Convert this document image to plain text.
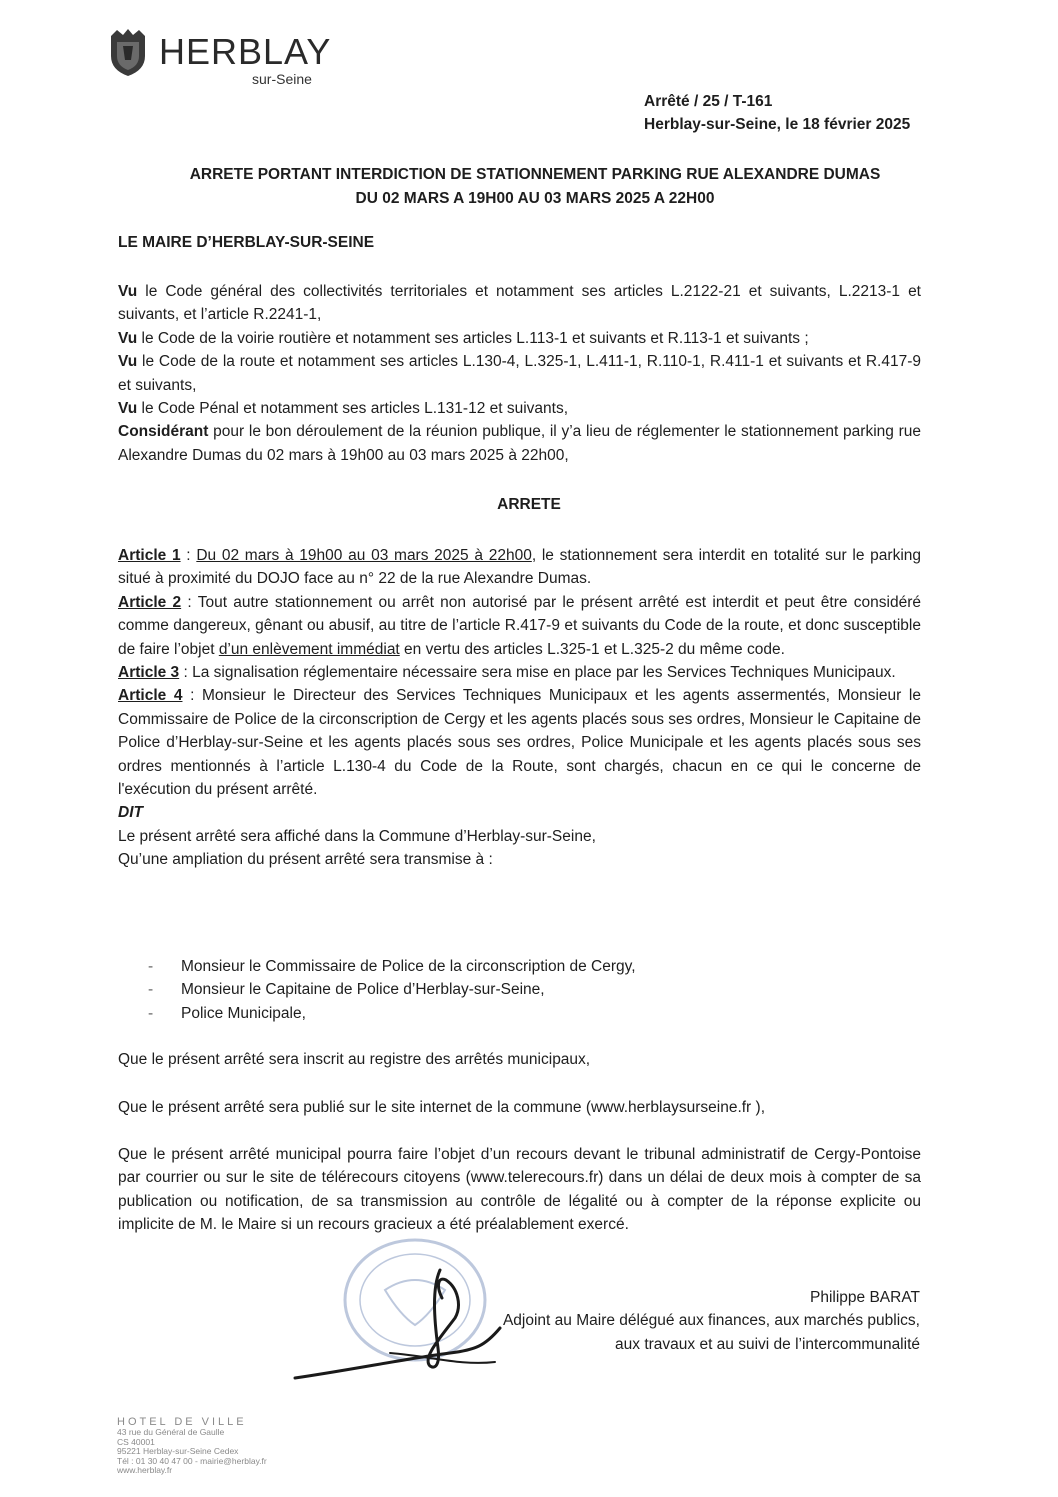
HERBLAY
sur-Seine
Arrêté / 25 / T-161
Herblay-sur-Seine, le 18 février 2025
ARRETE PORTANT INTERDICTION DE STATIONNEMENT PARKING RUE ALEXANDRE DUMAS
DU 02 MARS A 19H00 AU 03 MARS 2025 A 22H00
LE MAIRE D’HERBLAY-SUR-SEINE

Vu le Code général des collectivités territoriales et notamment ses articles L.2122-21 et suivants, L.2213-1 et suivants, et l’article R.2241-1,

Vu le Code de la voirie routière et notamment ses articles L.113-1 et suivants et R.113-1 et suivants ;

Vu le Code de la route et notamment ses articles L.130-4, L.325-1, L.411-1, R.110-1, R.411-1 et suivants et R.417-9 et suivants,

Vu le Code Pénal et notamment ses articles L.131-12 et suivants,

Considérant pour le bon déroulement de la réunion publique, il y’a lieu de réglementer le stationnement parking rue Alexandre Dumas du 02 mars à 19h00 au 03 mars 2025 à 22h00,

ARRETE

Article 1 : Du 02 mars à 19h00 au 03 mars 2025 à 22h00, le stationnement sera interdit en totalité sur le parking situé à proximité du DOJO face au n° 22 de la rue Alexandre Dumas.

Article 2 : Tout autre stationnement ou arrêt non autorisé par le présent arrêté est interdit et peut être considéré comme dangereux, gênant ou abusif, au titre de l’article R.417-9 et suivants du Code de la route, et donc susceptible de faire l’objet d’un enlèvement immédiat en vertu des articles L.325-1 et L.325-2 du même code.

Article 3 : La signalisation réglementaire nécessaire sera mise en place par les Services Techniques Municipaux.

Article 4 : Monsieur le Directeur des Services Techniques Municipaux et les agents assermentés, Monsieur le Commissaire de Police de la circonscription de Cergy et les agents placés sous ses ordres, Monsieur le Capitaine de Police d’Herblay-sur-Seine et les agents placés sous ses ordres, Police Municipale et les agents placés sous ses ordres mentionnés à l’article L.130-4 du Code de la Route, sont chargés, chacun en ce qui le concerne de l'exécution du présent arrêté.

DIT

Le présent arrêté sera affiché dans la Commune d’Herblay-sur-Seine,

Qu’une ampliation du présent arrêté sera transmise à :

-	Monsieur le Commissaire de Police de la circonscription de Cergy,
-	Monsieur le Capitaine de Police d’Herblay-sur-Seine,
-	Police Municipale,
Que le présent arrêté sera inscrit au registre des arrêtés municipaux,
Que le présent arrêté sera publié sur le site internet de la commune (www.herblaysurseine.fr ),
Que le présent arrêté municipal pourra faire l’objet d’un recours devant le tribunal administratif de Cergy-Pontoise par courrier ou sur le site de télérecours citoyens (www.telerecours.fr) dans un délai de deux mois à compter de sa publication ou notification, de sa transmission au contrôle de légalité ou à compter de la réponse explicite ou implicite de M. le Maire si un recours gracieux a été préalablement exercé.
Philippe BARAT
Adjoint au Maire délégué aux finances, aux marchés publics,
aux travaux et au suivi de l’intercommunalité
HOTEL DE VILLE
43 rue du Général de Gaulle
CS 40001
95221 Herblay-sur-Seine Cedex
Tél : 01 30 40 47 00 - mairie@herblay.fr
www.herblay.fr
